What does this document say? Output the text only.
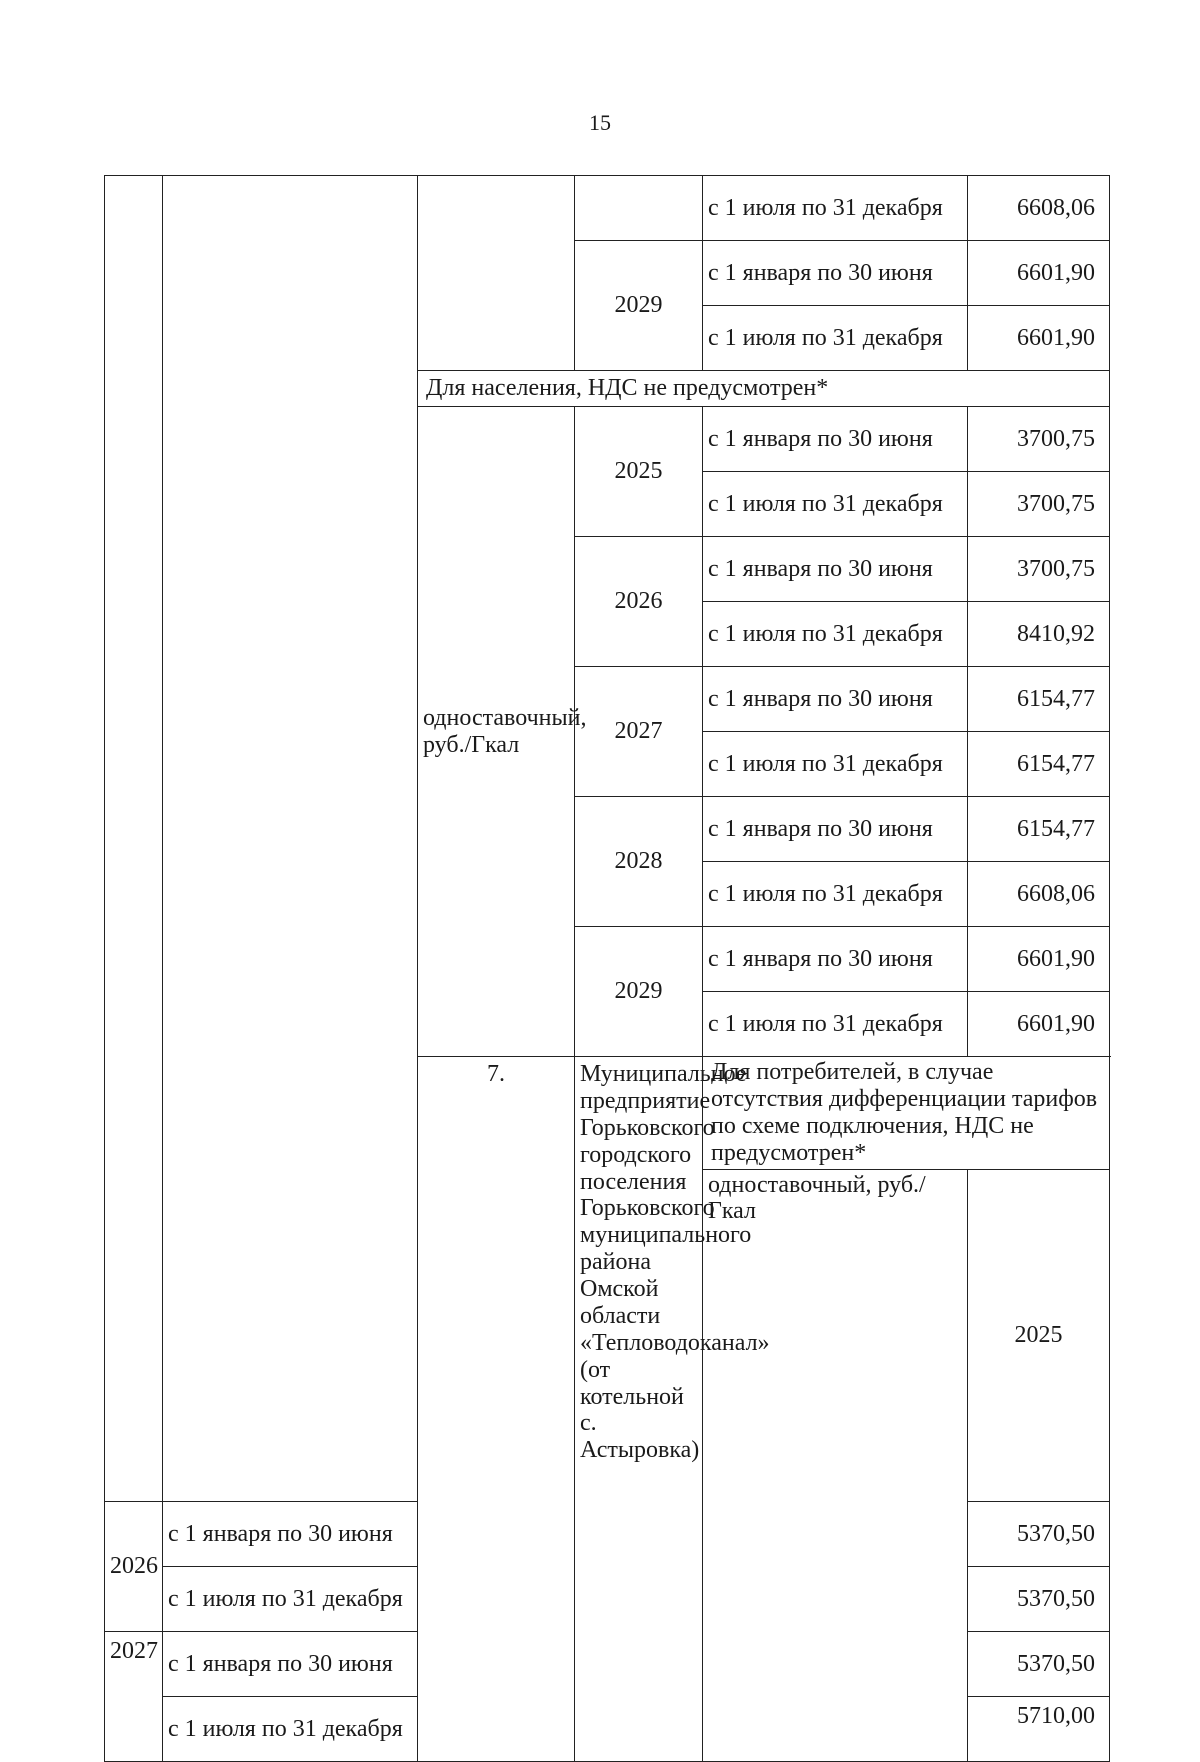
15
				с 1 июля по 31 декабря	6608,06	
			2029	с 1 января по 30 июня	6601,90	
				с 1 июля по 31 декабря	6601,90	
		Для населения, НДС не предусмотрен*				
		одноставочный, руб./Гкал	2025	с 1 января по 30 июня	3700,75	
				с 1 июля по 31 декабря	3700,75	
			2026	с 1 января по 30 июня	3700,75	
				с 1 июля по 31 декабря	8410,92	
			2027	с 1 января по 30 июня	6154,77	
				с 1 июля по 31 декабря	6154,77	
			2028	с 1 января по 30 июня	6154,77	
				с 1 июля по 31 декабря	6608,06	
			2029	с 1 января по 30 июня	6601,90	
				с 1 июля по 31 декабря	6601,90	
		7.	Муниципальное предприятие Горьковского городского поселения Горьковского муниципального района Омской области «Тепловодоканал» (от котельной с. Астыровка)	Для потребителей, в случае отсутствия дифференциации тарифов по схеме подключения, НДС не предусмотрен*		
				одноставочный, руб./Гкал	2025		

2026	с 1 января по 30 июня				5370,50	
	с 1 июля по 31 декабря				5370,50	
2027	с 1 января по 30 июня				5370,50	
	с 1 июля по 31 декабря				5710,00	
